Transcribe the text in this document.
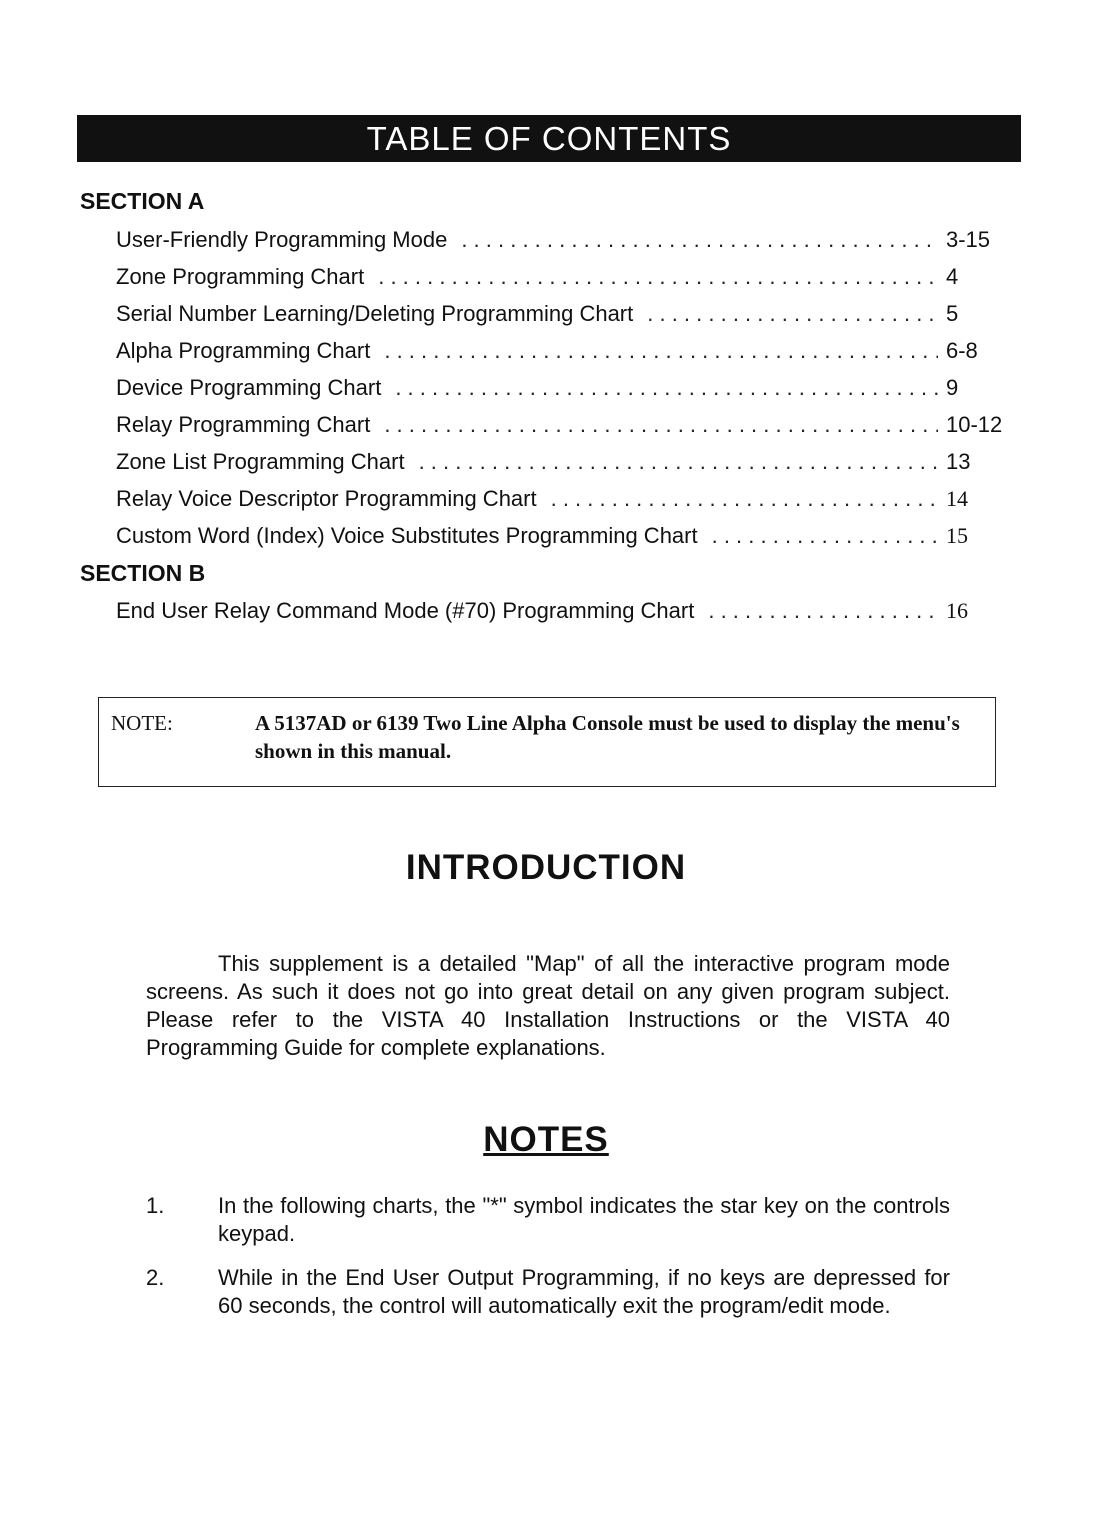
TABLE OF CONTENTS
SECTION A
User-Friendly Programming Mode . . .	3-15
Zone Programming Chart . . .	4
Serial Number Learning/Deleting Programming Chart . . .	5
Alpha Programming Chart . . .	6-8
Device Programming Chart . . .	9
Relay Programming Chart . . .	10-12
Zone List Programming Chart . . .	13
Relay Voice Descriptor Programming Chart . . .	14
Custom Word (Index) Voice Substitutes Programming Chart . . .	15
SECTION B
End User Relay Command Mode (#70) Programming Chart . . .	16
NOTE:	A 5137AD or 6139 Two Line Alpha Console must be used to display the menu's shown in this manual.
INTRODUCTION
This supplement is a detailed "Map" of all the interactive program mode screens. As such it does not go into great detail on any given program subject. Please refer to the VISTA 40 Installation Instructions or the VISTA 40 Programming Guide for complete explanations.
NOTES
1. In the following charts, the "*" symbol indicates the star key on the controls keypad.
2. While in the End User Output Programming, if no keys are depressed for 60 seconds, the control will automatically exit the program/edit mode.
